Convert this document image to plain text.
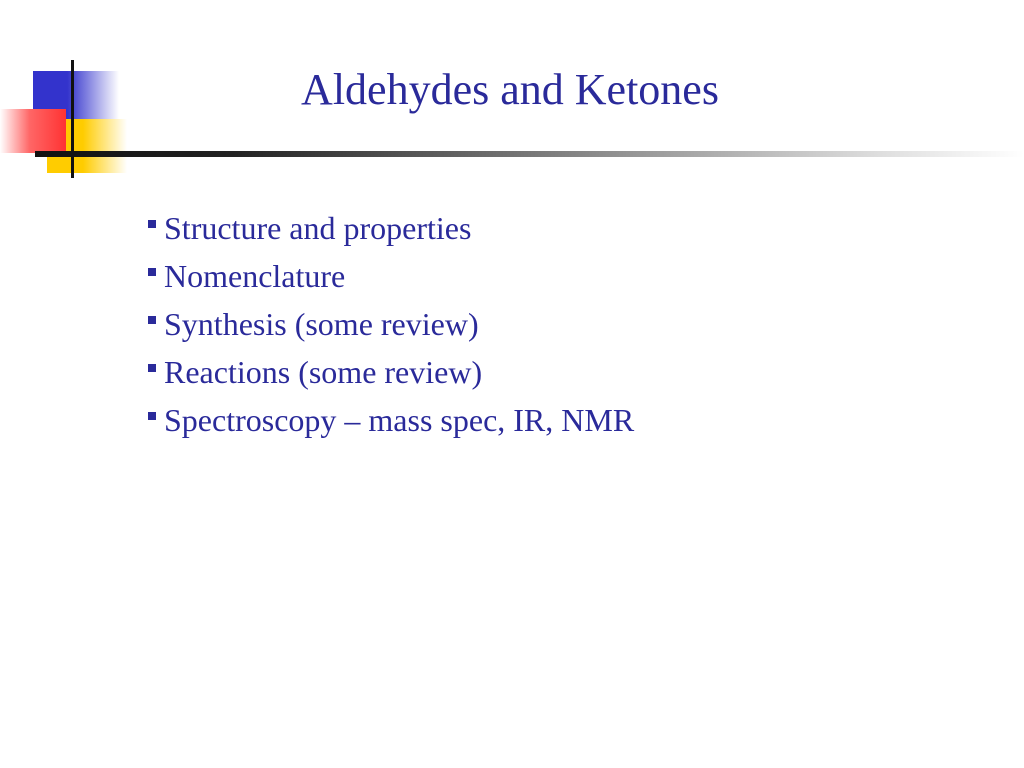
Aldehydes and Ketones
Structure and properties
Nomenclature
Synthesis (some review)
Reactions (some review)
Spectroscopy – mass spec, IR, NMR
